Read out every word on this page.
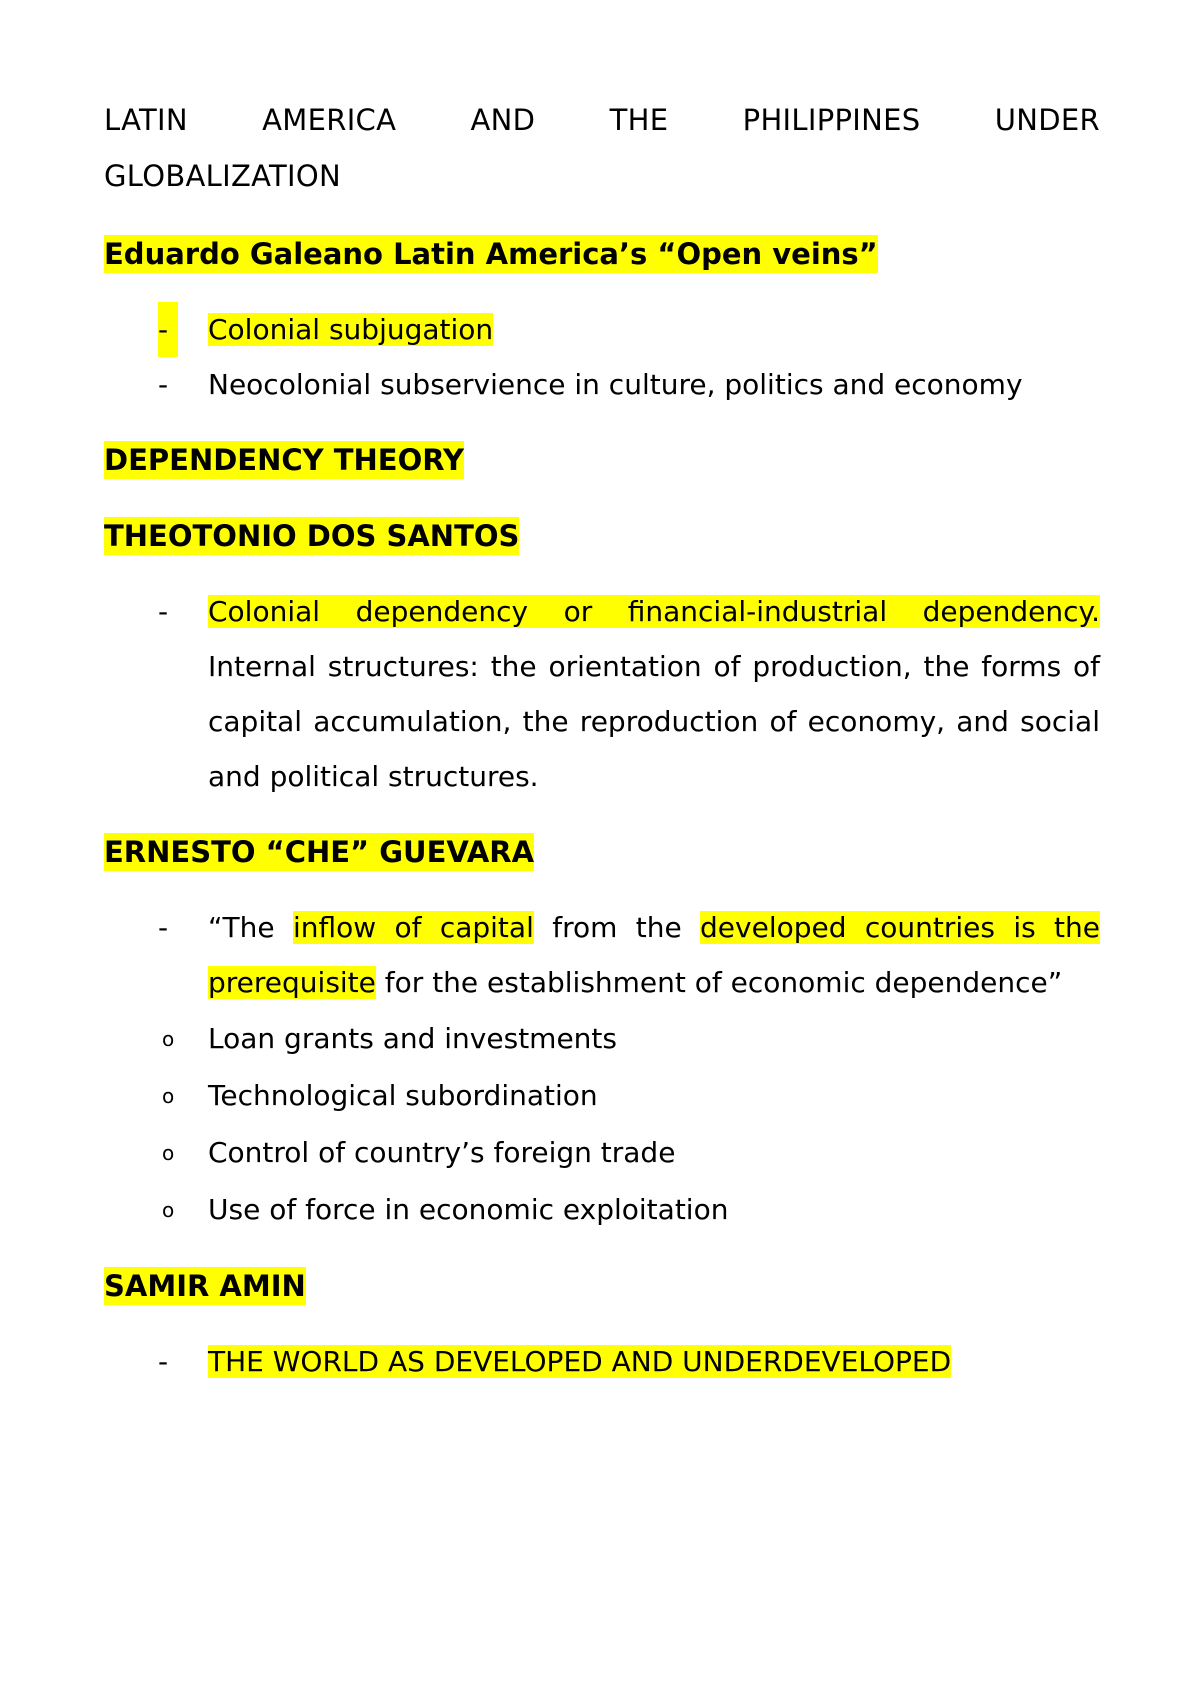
LATIN AMERICA AND THE PHILIPPINES UNDER
GLOBALIZATION
Eduardo Galeano Latin America’s “Open veins”
-	Colonial subjugation
-	Neocolonial subservience in culture, politics and economy
DEPENDENCY THEORY
THEOTONIO DOS SANTOS
-	Colonial dependency or financial-industrial dependency. Internal structures: the orientation of production, the forms of capital accumulation, the reproduction of economy, and social and political structures.
ERNESTO “CHE” GUEVARA
-	“The inflow of capital from the developed countries is the prerequisite for the establishment of economic dependence”
o Loan grants and investments
o Technological subordination
o Control of country’s foreign trade
o Use of force in economic exploitation
SAMIR AMIN
-	THE WORLD AS DEVELOPED AND UNDERDEVELOPED
